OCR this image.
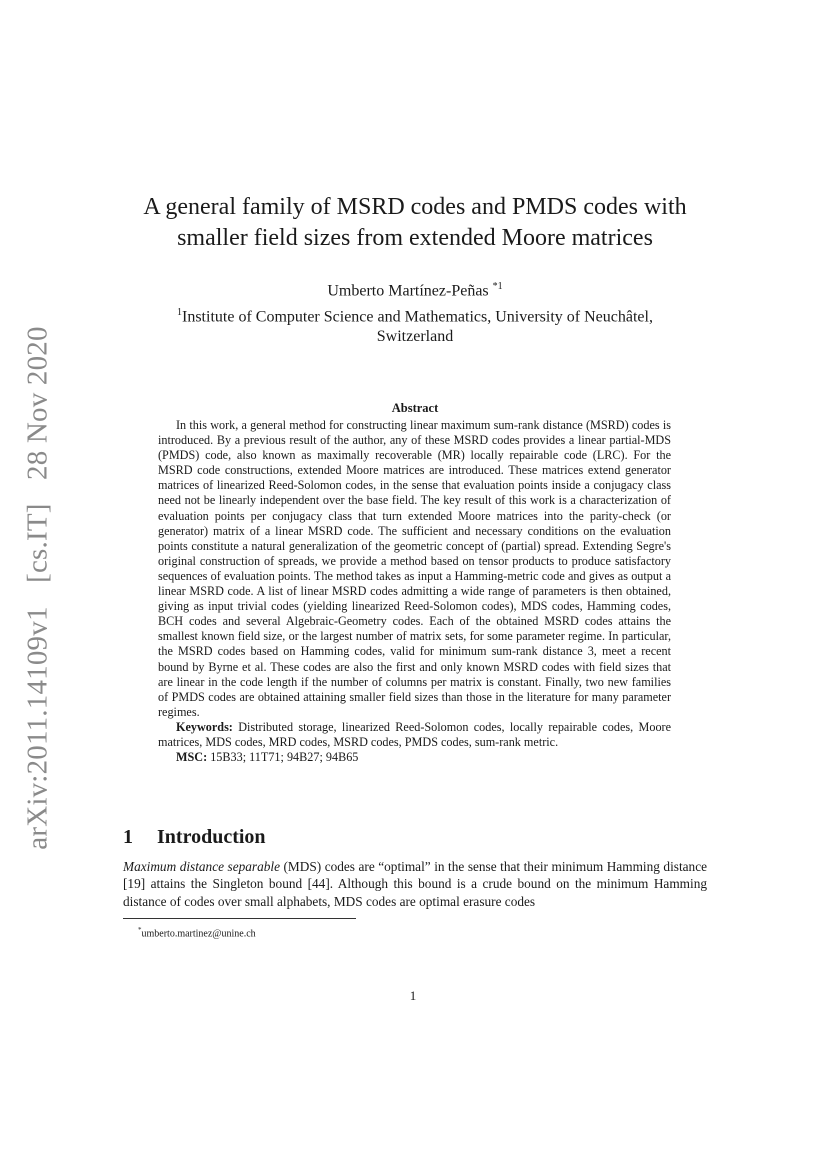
arXiv:2011.14109v1 [cs.IT] 28 Nov 2020
A general family of MSRD codes and PMDS codes with
smaller field sizes from extended Moore matrices
Umberto Martínez-Peñas $^{*1}$
$^1$Institute of Computer Science and Mathematics, University of Neuchâtel,
Switzerland
Abstract

In this work, a general method for constructing linear maximum sum-rank distance (MSRD) codes is introduced. By a previous result of the author, any of these MSRD codes provides a linear partial-MDS (PMDS) code, also known as maximally recoverable (MR) locally repairable code (LRC). For the MSRD code constructions, extended Moore matrices are introduced. These matrices extend generator matrices of linearized Reed-Solomon codes, in the sense that evaluation points inside a conjugacy class need not be linearly independent over the base field. The key result of this work is a characterization of evaluation points per conjugacy class that turn extended Moore matrices into the parity-check (or generator) matrix of a linear MSRD code. The sufficient and necessary conditions on the evaluation points constitute a natural generalization of the geometric concept of (partial) spread. Extending Segre's original construction of spreads, we provide a method based on tensor products to produce satisfactory sequences of evaluation points. The method takes as input a Hamming-metric code and gives as output a linear MSRD code. A list of linear MSRD codes admitting a wide range of parameters is then obtained, giving as input trivial codes (yielding linearized Reed-Solomon codes), MDS codes, Hamming codes, BCH codes and several Algebraic-Geometry codes. Each of the obtained MSRD codes attains the smallest known field size, or the largest number of matrix sets, for some parameter regime. In particular, the MSRD codes based on Hamming codes, valid for minimum sum-rank distance 3, meet a recent bound by Byrne et al. These codes are also the first and only known MSRD codes with field sizes that are linear in the code length if the number of columns per matrix is constant. Finally, two new families of PMDS codes are obtained attaining smaller field sizes than those in the literature for many parameter regimes.

Keywords: Distributed storage, linearized Reed-Solomon codes, locally repairable codes, Moore matrices, MDS codes, MRD codes, MSRD codes, PMDS codes, sum-rank metric.

MSC: 15B33; 11T71; 94B27; 94B65

1 Introduction

Maximum distance separable (MDS) codes are “optimal” in the sense that their minimum Hamming distance [19] attains the Singleton bound [44]. Although this bound is a crude bound on the minimum Hamming distance of codes over small alphabets, MDS codes are optimal erasure codes

*umberto.martinez@unine.ch
1
